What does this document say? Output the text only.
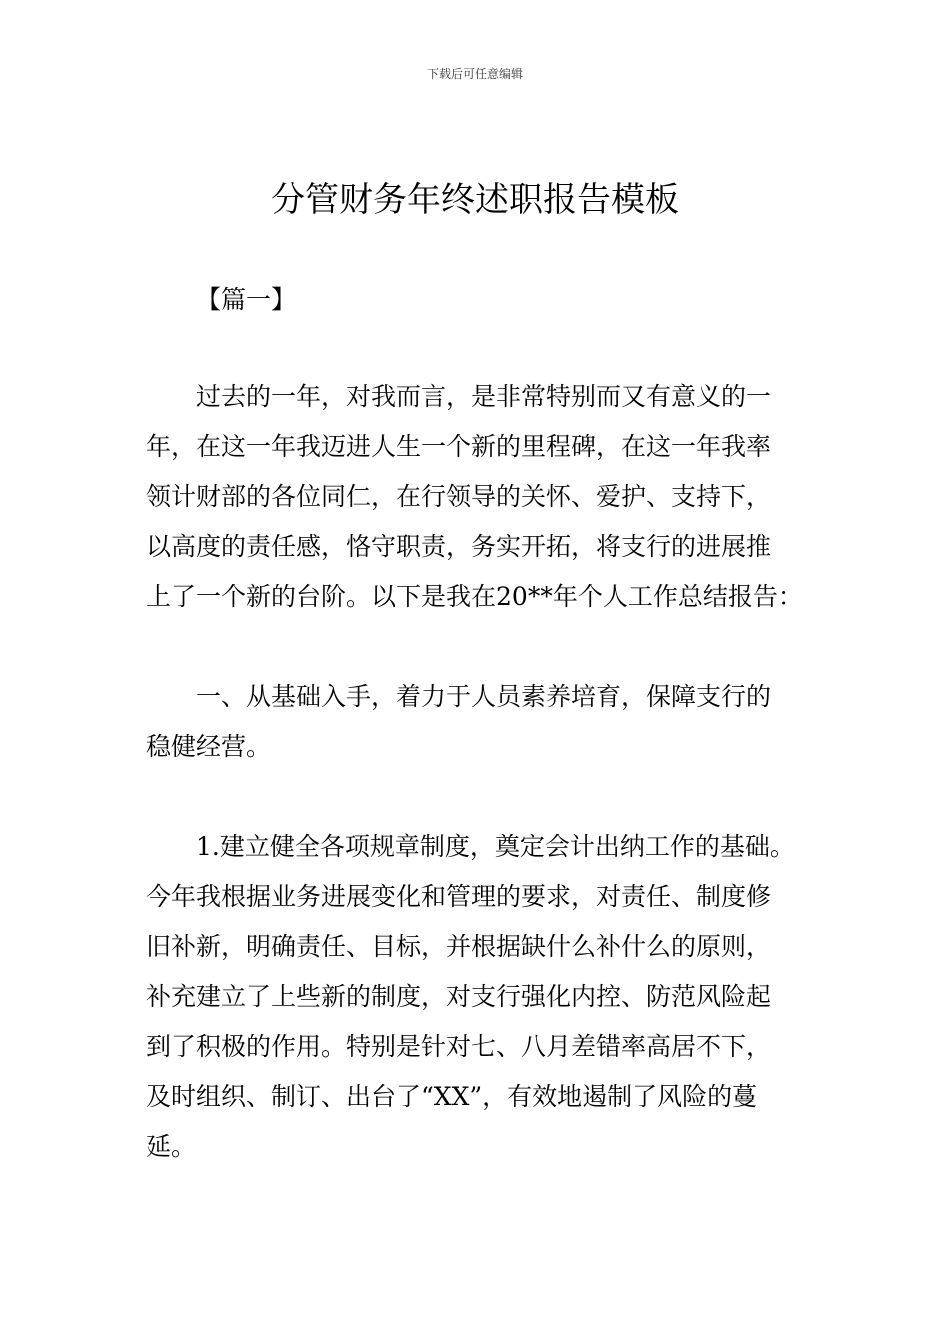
下载后可任意编辑
分管财务年终述职报告模板
【篇一】

　　过去的一年，对我而言，是非常特别而又有意义的一
年，在这一年我迈进人生一个新的里程碑，在这一年我率
领计财部的各位同仁，在行领导的关怀、爱护、支持下，
以高度的责任感，恪守职责，务实开拓，将支行的进展推
上了一个新的台阶。以下是我在20**年个人工作总结报告：

　　一、从基础入手，着力于人员素养培育，保障支行的
稳健经营。

　　1.建立健全各项规章制度，奠定会计出纳工作的基础。
今年我根据业务进展变化和管理的要求，对责任、制度修
旧补新，明确责任、目标，并根据缺什么补什么的原则，
补充建立了上些新的制度，对支行强化内控、防范风险起
到了积极的作用。特别是针对七、八月差错率高居不下，
及时组织、制订、出台了“XX”，有效地遏制了风险的蔓
延。
